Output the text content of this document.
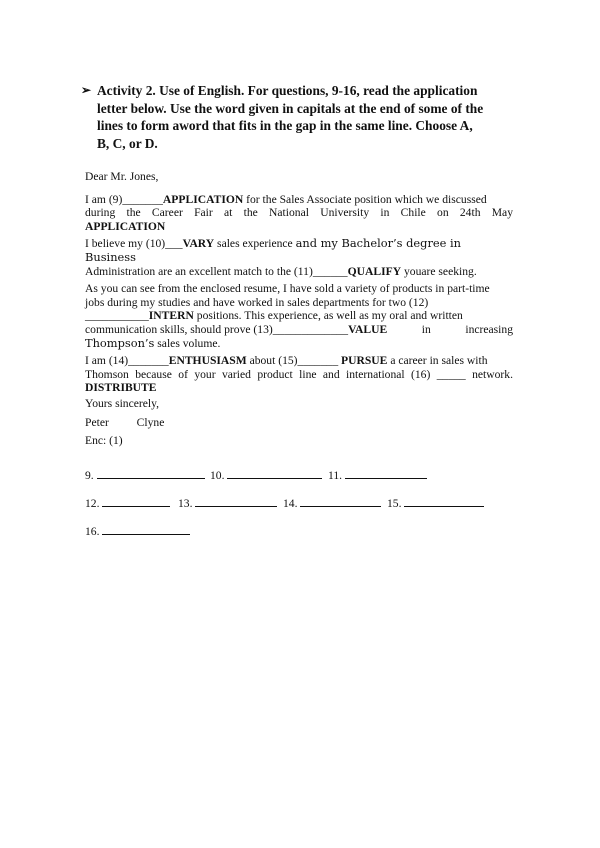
➢ Activity 2. Use of English. For questions, 9-16, read the application
letter below. Use the word given in capitals at the end of some of the
lines to form aword that fits in the gap in the same line. Choose A,
B, C, or D.

Dear Mr. Jones,

I am (9)_______APPLICATION for the Sales Associate position which we discussed

during the Career Fair at the National University in Chile on 24th May
APPLICATION

I believe my (10)___VARY sales experience and my Bachelor’s degree in Business
Administration are an excellent match to the (11)______QUALIFY youare seeking.

As you can see from the enclosed resume, I have sold a variety of products in part-time
jobs during my studies and have worked in sales departments for two (12)
___________INTERN positions. This experience, as well as my oral and written

communication skills, should prove (13)_____________VALUE	in	increasing
Thompson’s sales volume.

I am (14)_______ENTHUSIASM about (15)_______ PURSUE a career in sales with

Thomson because of your varied product line and international (16) _____ network.
DISTRIBUTE

Yours sincerely,
Peter Clyne
Enc: (1)
9.	10.	11.
12.	13.	14.	15.
16.
